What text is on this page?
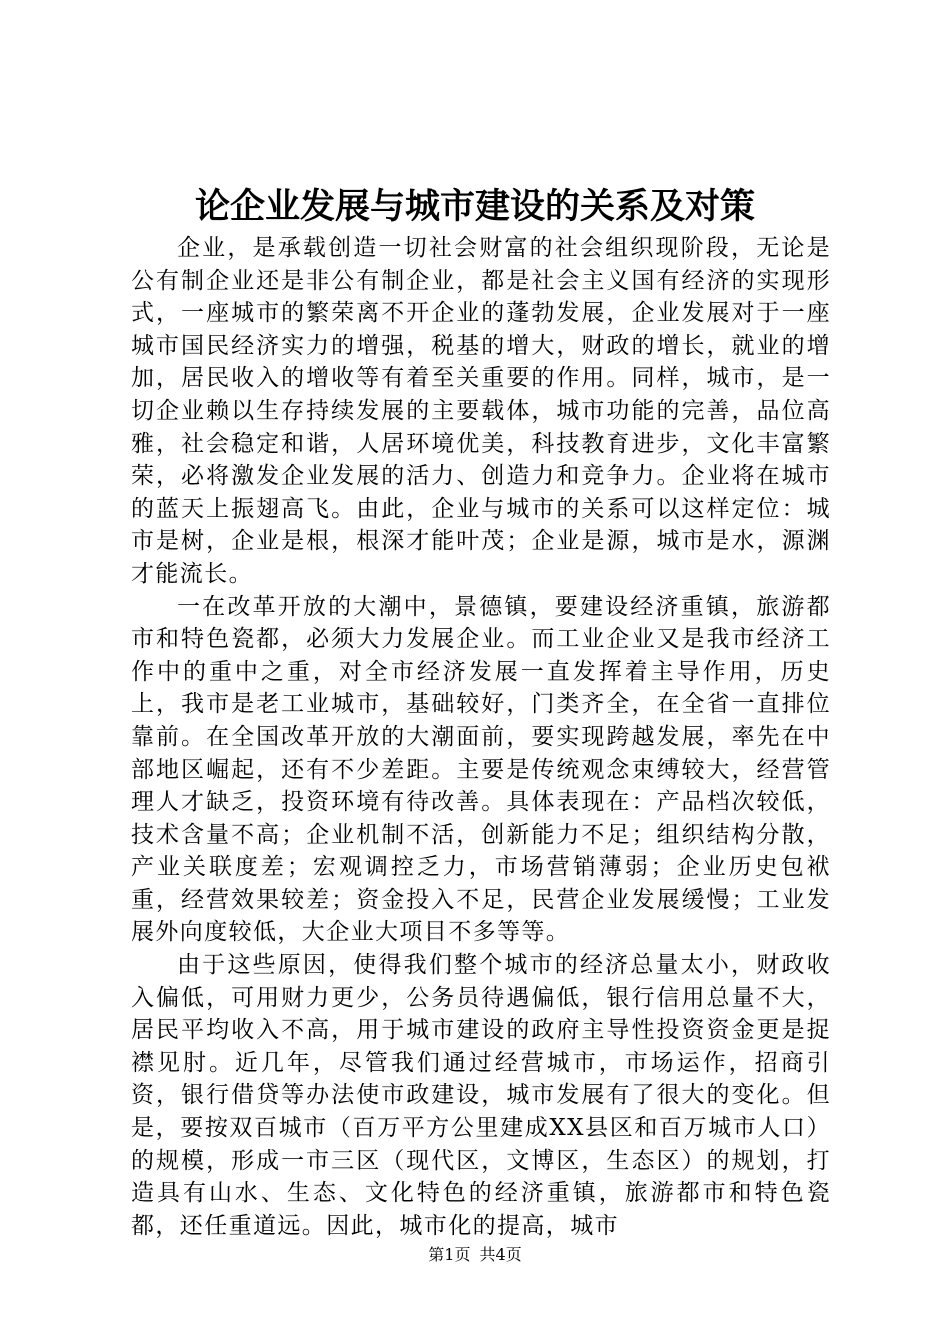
论企业发展与城市建设的关系及对策

企业，是承载创造一切社会财富的社会组织现阶段，无论是公有制企业还是非公有制企业，都是社会主义国有经济的实现形式，一座城市的繁荣离不开企业的蓬勃发展，企业发展对于一座城市国民经济实力的增强，税基的增大，财政的增长，就业的增加，居民收入的增收等有着至关重要的作用。同样，城市，是一切企业赖以生存持续发展的主要载体，城市功能的完善，品位高雅，社会稳定和谐，人居环境优美，科技教育进步，文化丰富繁荣，必将激发企业发展的活力、创造力和竞争力。企业将在城市的蓝天上振翅高飞。由此，企业与城市的关系可以这样定位：城市是树，企业是根，根深才能叶茂；企业是源，城市是水，源渊才能流长。

一在改革开放的大潮中，景德镇，要建设经济重镇，旅游都市和特色瓷都，必须大力发展企业。而工业企业又是我市经济工作中的重中之重，对全市经济发展一直发挥着主导作用，历史上，我市是老工业城市，基础较好，门类齐全，在全省一直排位靠前。在全国改革开放的大潮面前，要实现跨越发展，率先在中部地区崛起，还有不少差距。主要是传统观念束缚较大，经营管理人才缺乏，投资环境有待改善。具体表现在：产品档次较低，技术含量不高；企业机制不活，创新能力不足；组织结构分散，产业关联度差；宏观调控乏力，市场营销薄弱；企业历史包袱重，经营效果较差；资金投入不足，民营企业发展缓慢；工业发展外向度较低，大企业大项目不多等等。

由于这些原因，使得我们整个城市的经济总量太小，财政收入偏低，可用财力更少，公务员待遇偏低，银行信用总量不大，居民平均收入不高，用于城市建设的政府主导性投资资金更是捉襟见肘。近几年，尽管我们通过经营城市，市场运作，招商引资，银行借贷等办法使市政建设，城市发展有了很大的变化。但是，要按双百城市（百万平方公里建成XX县区和百万城市人口）的规模，形成一市三区（现代区，文博区，生态区）的规划，打造具有山水、生态、文化特色的经济重镇，旅游都市和特色瓷都，还任重道远。因此，城市化的提高，城市

第1页 共4页
